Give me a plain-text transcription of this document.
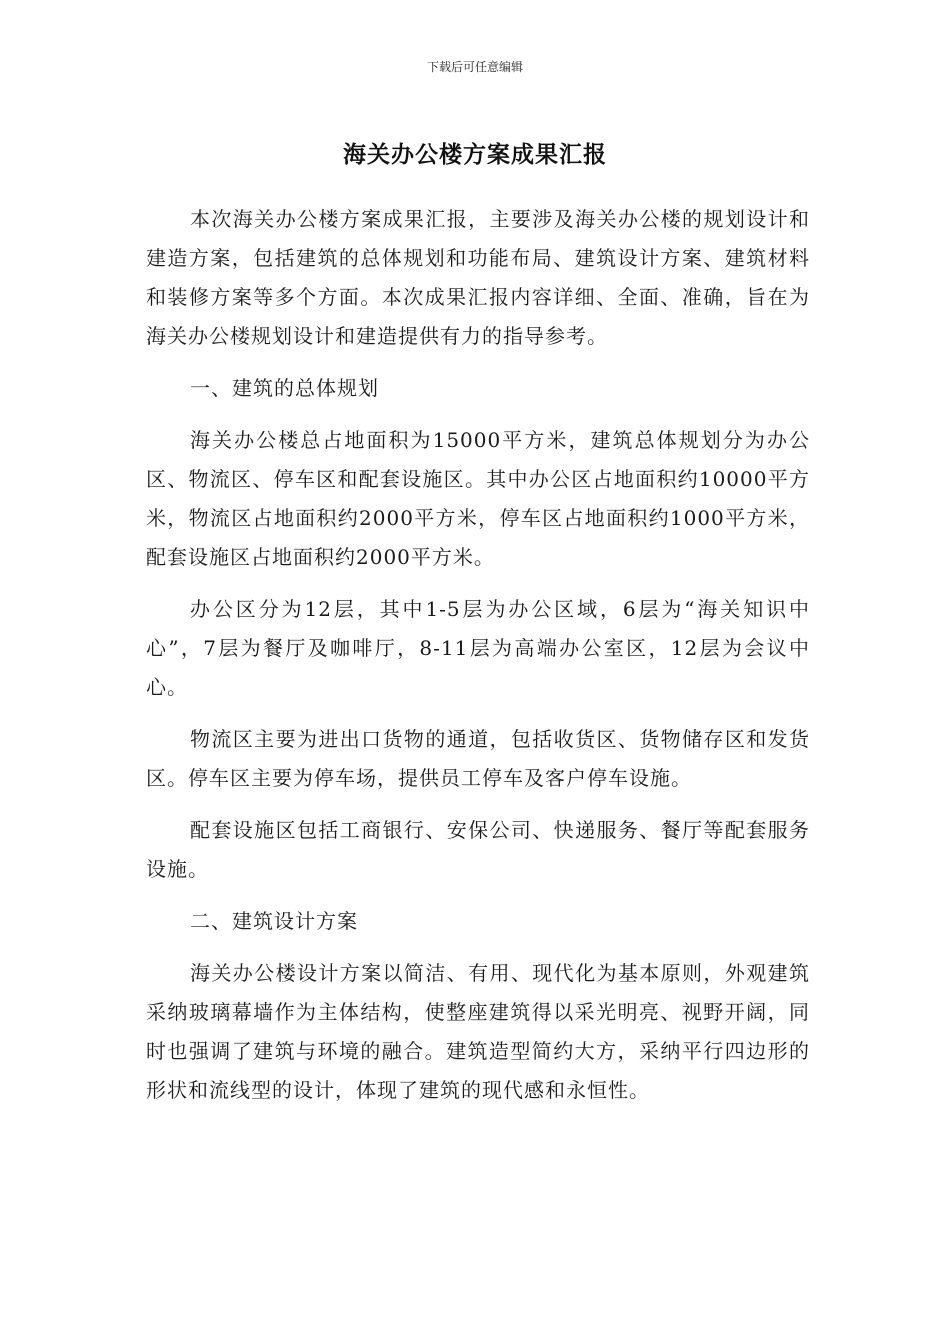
下载后可任意编辑
海关办公楼方案成果汇报

本次海关办公楼方案成果汇报，主要涉及海关办公楼的规划设计和建造方案，包括建筑的总体规划和功能布局、建筑设计方案、建筑材料和装修方案等多个方面。本次成果汇报内容详细、全面、准确，旨在为海关办公楼规划设计和建造提供有力的指导参考。

一、建筑的总体规划

海关办公楼总占地面积为15000平方米，建筑总体规划分为办公区、物流区、停车区和配套设施区。其中办公区占地面积约10000平方米，物流区占地面积约2000平方米，停车区占地面积约1000平方米，配套设施区占地面积约2000平方米。

办公区分为12层，其中1-5层为办公区域，6层为“海关知识中心”，7层为餐厅及咖啡厅，8-11层为高端办公室区，12层为会议中心。

物流区主要为进出口货物的通道，包括收货区、货物储存区和发货区。停车区主要为停车场，提供员工停车及客户停车设施。

配套设施区包括工商银行、安保公司、快递服务、餐厅等配套服务设施。

二、建筑设计方案

海关办公楼设计方案以简洁、有用、现代化为基本原则，外观建筑采纳玻璃幕墙作为主体结构，使整座建筑得以采光明亮、视野开阔，同时也强调了建筑与环境的融合。建筑造型简约大方，采纳平行四边形的形状和流线型的设计，体现了建筑的现代感和永恒性。
